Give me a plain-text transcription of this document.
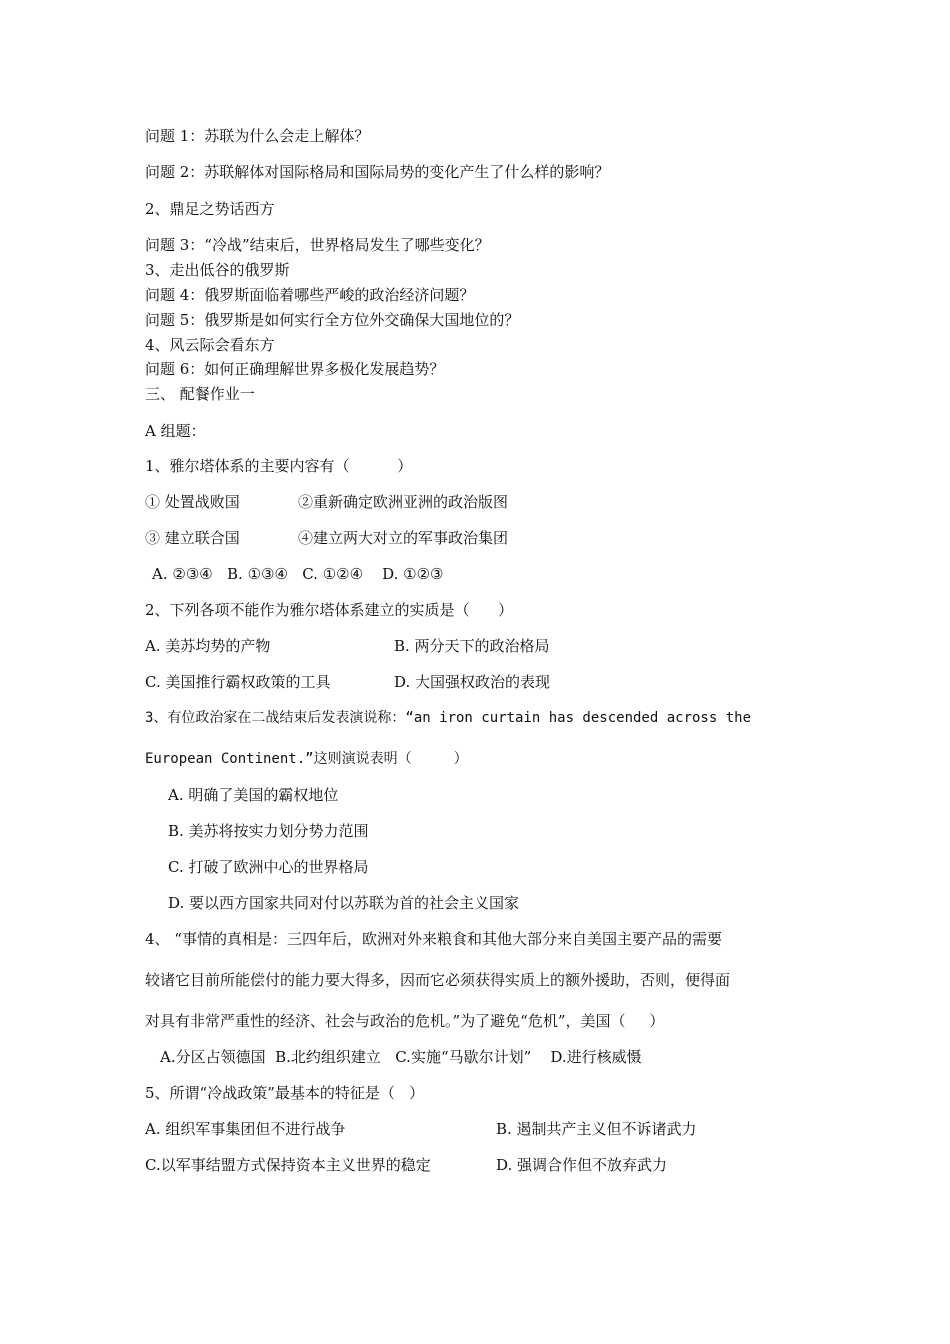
问题 1：苏联为什么会走上解体？
问题 2：苏联解体对国际格局和国际局势的变化产生了什么样的影响？
2、鼎足之势话西方
问题 3：“冷战”结束后，世界格局发生了哪些变化？
3、走出低谷的俄罗斯
问题 4：俄罗斯面临着哪些严峻的政治经济问题？
问题 5：俄罗斯是如何实行全方位外交确保大国地位的？
4、风云际会看东方
问题 6：如何正确理解世界多极化发展趋势？
三、 配餐作业一
A 组题：
1、雅尔塔体系的主要内容有（          ）
① 处置战败国	②重新确定欧洲亚洲的政治版图
③ 建立联合国	④建立两大对立的军事政治集团
A. ②③④   B. ①③④   C. ①②④    D. ①②③
2、下列各项不能作为雅尔塔体系建立的实质是（      ）
A. 美苏均势的产物	B. 两分天下的政治格局
C. 美国推行霸权政策的工具	D. 大国强权政治的表现
3、有位政治家在二战结束后发表演说称：“an iron curtain has descended across the
European Continent.”这则演说表明（     ）
A. 明确了美国的霸权地位
B. 美苏将按实力划分势力范围
C. 打破了欧洲中心的世界格局
D. 要以西方国家共同对付以苏联为首的社会主义国家
4、 “事情的真相是：三四年后，欧洲对外来粮食和其他大部分来自美国主要产品的需要
较诸它目前所能偿付的能力要大得多，因而它必须获得实质上的额外援助，否则，便得面
对具有非常严重性的经济、社会与政治的危机。”为了避免“危机”，美国（     ）
A.分区占领德国  B.北约组织建立   C.实施“马歇尔计划”    D.进行核威慑
5、所谓“冷战政策”最基本的特征是（   ）
A. 组织军事集团但不进行战争	B. 遏制共产主义但不诉诸武力
C.以军事结盟方式保持资本主义世界的稳定	D. 强调合作但不放弃武力
